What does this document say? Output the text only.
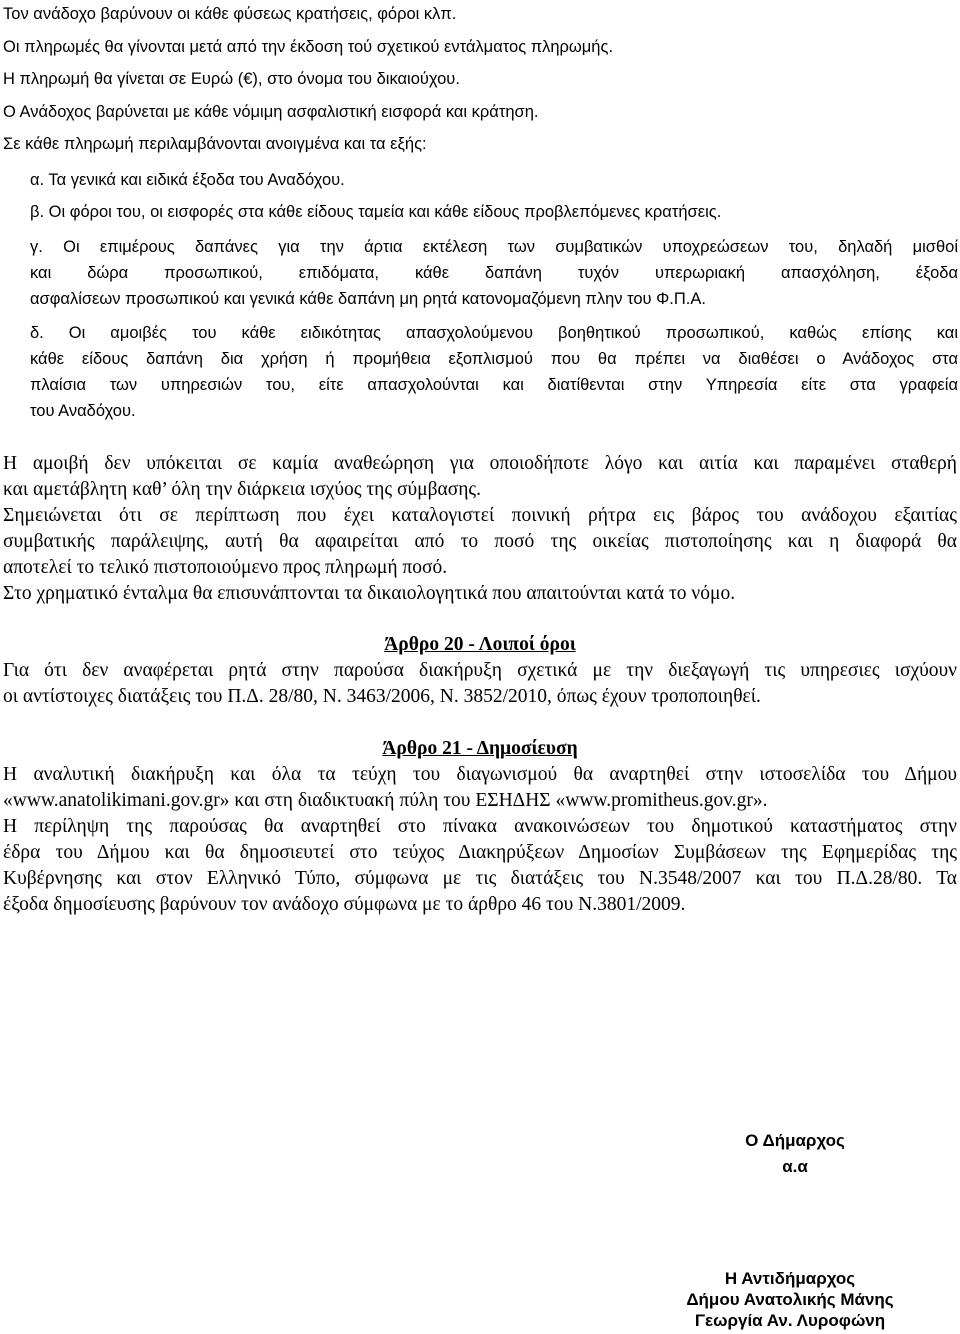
Τον ανάδοχο βαρύνουν οι κάθε φύσεως κρατήσεις, φόροι κλπ.
Οι πληρωμές θα γίνονται μετά από την έκδοση τού σχετικού εντάλματος πληρωμής.
Η πληρωμή θα γίνεται σε Ευρώ (€), στο όνομα του δικαιούχου.
Ο Ανάδοχος βαρύνεται με κάθε νόμιμη ασφαλιστική εισφορά και κράτηση.
Σε κάθε πληρωμή περιλαμβάνονται ανοιγμένα και τα εξής:
α. Τα γενικά και ειδικά έξοδα του Αναδόχου.
β. Οι φόροι του, οι εισφορές στα κάθε είδους ταμεία και κάθε είδους προβλεπόμενες κρατήσεις.
γ. Οι επιμέρους δαπάνες για την άρτια εκτέλεση των συμβατικών υποχρεώσεων του, δηλαδή μισθοί
και δώρα προσωπικού, επιδόματα, κάθε δαπάνη τυχόν υπερωριακή απασχόληση, έξοδα
ασφαλίσεων προσωπικού και γενικά κάθε δαπάνη μη ρητά κατονομαζόμενη πλην του Φ.Π.Α.
δ. Οι αμοιβές του κάθε ειδικότητας απασχολούμενου βοηθητικού προσωπικού, καθώς επίσης και
κάθε είδους δαπάνη δια χρήση ή προμήθεια εξοπλισμού που θα πρέπει να διαθέσει ο Ανάδοχος στα
πλαίσια των υπηρεσιών του, είτε απασχολούνται και διατίθενται στην Υπηρεσία είτε στα γραφεία
του Αναδόχου.
Η αμοιβή δεν υπόκειται σε καμία αναθεώρηση για οποιοδήποτε λόγο και αιτία και παραμένει σταθερή
και αμετάβλητη καθ’ όλη την διάρκεια ισχύος της σύμβασης.
Σημειώνεται ότι σε περίπτωση που έχει καταλογιστεί ποινική ρήτρα εις βάρος του ανάδοχου εξαιτίας
συμβατικής παράλειψης, αυτή θα αφαιρείται από το ποσό της οικείας πιστοποίησης και η διαφορά θα
αποτελεί το τελικό πιστοποιούμενο προς πληρωμή ποσό.
Στο χρηματικό ένταλμα θα επισυνάπτονται τα δικαιολογητικά που απαιτούνται κατά το νόμο.
Άρθρο 20 - Λοιποί όροι
Για ότι δεν αναφέρεται ρητά στην παρούσα διακήρυξη σχετικά με την διεξαγωγή τις υπηρεσιες ισχύουν
οι αντίστοιχες διατάξεις του Π.Δ. 28/80, Ν. 3463/2006, Ν. 3852/2010, όπως έχουν τροποποιηθεί.
Άρθρο 21 - Δημοσίευση
Η αναλυτική διακήρυξη και όλα τα τεύχη του διαγωνισμού θα αναρτηθεί στην ιστοσελίδα του Δήμου
«www.anatolikimani.gov.gr» και στη διαδικτυακή πύλη του ΕΣΗΔΗΣ «www.promitheus.gov.gr».
Η περίληψη της παρούσας θα αναρτηθεί στο πίνακα ανακοινώσεων του δημοτικού καταστήματος στην
έδρα του Δήμου και θα δημοσιευτεί στο τεύχος Διακηρύξεων Δημοσίων Συμβάσεων της Εφημερίδας της
Κυβέρνησης και στον Ελληνικό Τύπο, σύμφωνα με τις διατάξεις του Ν.3548/2007 και του Π.Δ.28/80. Τα
έξοδα δημοσίευσης βαρύνουν τον ανάδοχο σύμφωνα με το άρθρο 46 του Ν.3801/2009.
Ο Δήμαρχος
α.α
Η Αντιδήμαρχος
Δήμου Ανατολικής Μάνης
Γεωργία Αν. Λυροφώνη
